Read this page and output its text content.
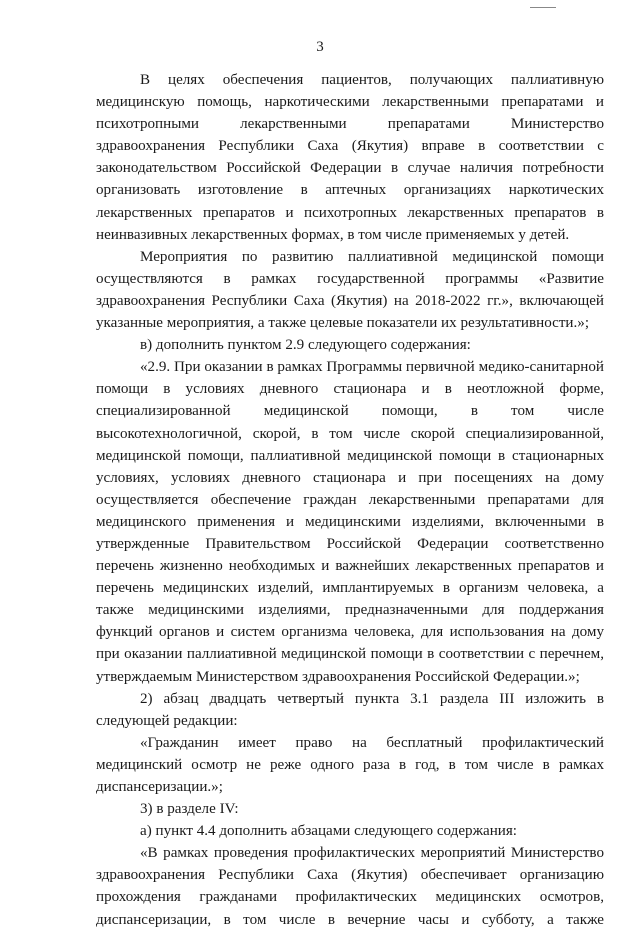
3

В целях обеспечения пациентов, получающих паллиативную медицинскую помощь, наркотическими лекарственными препаратами и психотропными лекарственными препаратами Министерство здравоохранения Республики Саха (Якутия) вправе в соответствии с законодательством Российской Федерации в случае наличия потребности организовать изготовление в аптечных организациях наркотических лекарственных препаратов и психотропных лекарственных препаратов в неинвазивных лекарственных формах, в том числе применяемых у детей.

Мероприятия по развитию паллиативной медицинской помощи осуществляются в рамках государственной программы «Развитие здравоохранения Республики Саха (Якутия) на 2018-2022 гг.», включающей указанные мероприятия, а также целевые показатели их результативности.»;

в) дополнить пунктом 2.9 следующего содержания:

«2.9. При оказании в рамках Программы первичной медико-санитарной помощи в условиях дневного стационара и в неотложной форме, специализированной медицинской помощи, в том числе высокотехнологичной, скорой, в том числе скорой специализированной, медицинской помощи, паллиативной медицинской помощи в стационарных условиях, условиях дневного стационара и при посещениях на дому осуществляется обеспечение граждан лекарственными препаратами для медицинского применения и медицинскими изделиями, включенными в утвержденные Правительством Российской Федерации соответственно перечень жизненно необходимых и важнейших лекарственных препаратов и перечень медицинских изделий, имплантируемых в организм человека, а также медицинскими изделиями, предназначенными для поддержания функций органов и систем организма человека, для использования на дому при оказании паллиативной медицинской помощи в соответствии с перечнем, утверждаемым Министерством здравоохранения Российской Федерации.»;

2) абзац двадцать четвертый пункта 3.1 раздела III изложить в следующей редакции:

«Гражданин имеет право на бесплатный профилактический медицинский осмотр не реже одного раза в год, в том числе в рамках диспансеризации.»;

3) в разделе IV:

а) пункт 4.4 дополнить абзацами следующего содержания:

«В рамках проведения профилактических мероприятий Министерство здравоохранения Республики Саха (Якутия) обеспечивает организацию прохождения гражданами профилактических медицинских осмотров, диспансеризации, в том числе в вечерние часы и субботу, а также
